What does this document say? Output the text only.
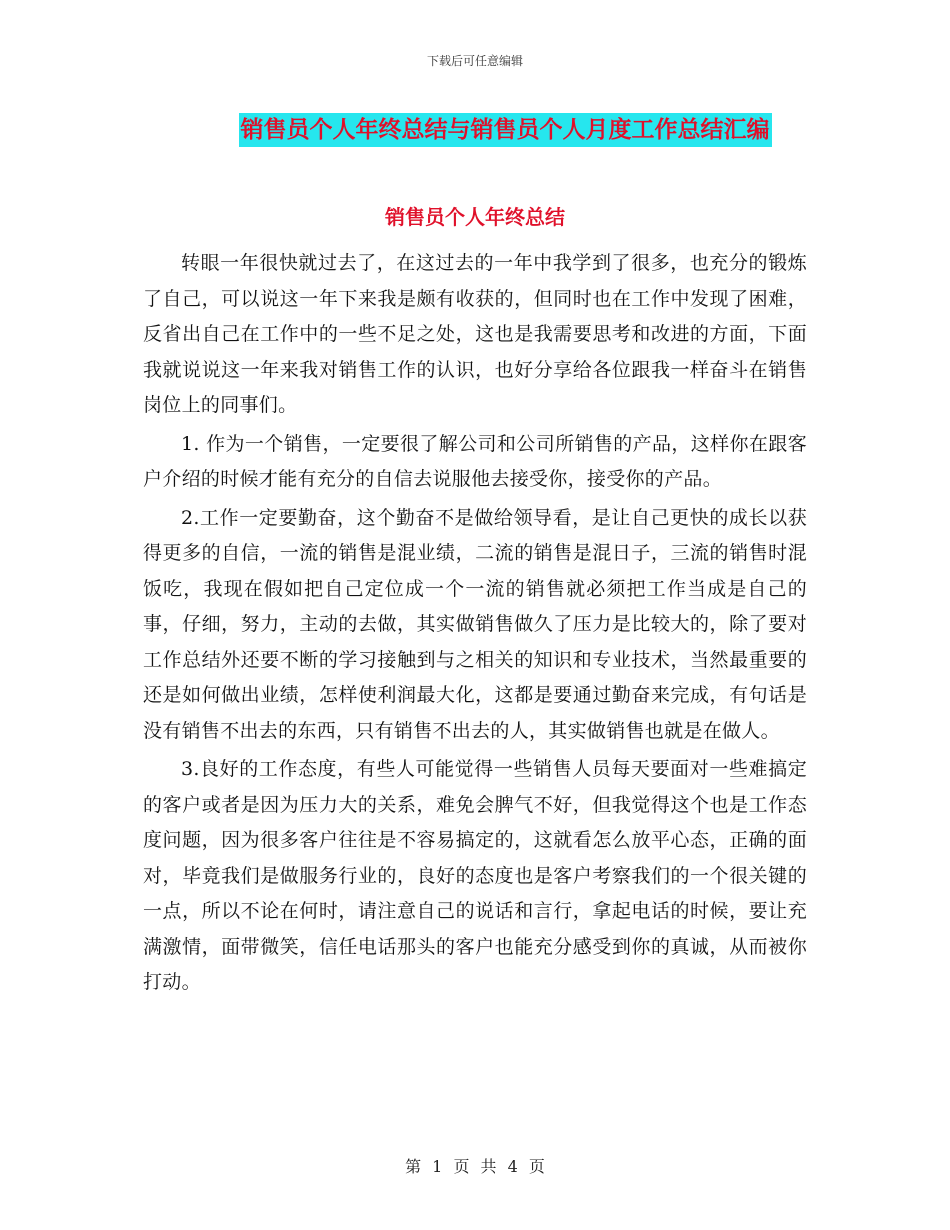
下载后可任意编辑
销售员个人年终总结与销售员个人月度工作总结汇编
销售员个人年终总结

转眼一年很快就过去了，在这过去的一年中我学到了很多，也充分的锻炼了自己，可以说这一年下来我是颇有收获的，但同时也在工作中发现了困难，反省出自己在工作中的一些不足之处，这也是我需要思考和改进的方面，下面我就说说这一年来我对销售工作的认识，也好分享给各位跟我一样奋斗在销售岗位上的同事们。

1. 作为一个销售，一定要很了解公司和公司所销售的产品，这样你在跟客户介绍的时候才能有充分的自信去说服他去接受你，接受你的产品。

2.工作一定要勤奋，这个勤奋不是做给领导看，是让自己更快的成长以获得更多的自信，一流的销售是混业绩，二流的销售是混日子，三流的销售时混饭吃，我现在假如把自己定位成一个一流的销售就必须把工作当成是自己的事，仔细，努力，主动的去做，其实做销售做久了压力是比较大的，除了要对工作总结外还要不断的学习接触到与之相关的知识和专业技术，当然最重要的还是如何做出业绩，怎样使利润最大化，这都是要通过勤奋来完成，有句话是没有销售不出去的东西，只有销售不出去的人，其实做销售也就是在做人。

3.良好的工作态度，有些人可能觉得一些销售人员每天要面对一些难搞定的客户或者是因为压力大的关系，难免会脾气不好，但我觉得这个也是工作态度问题，因为很多客户往往是不容易搞定的，这就看怎么放平心态，正确的面对，毕竟我们是做服务行业的，良好的态度也是客户考察我们的一个很关键的一点，所以不论在何时，请注意自己的说话和言行，拿起电话的时候，要让充满激情，面带微笑，信任电话那头的客户也能充分感受到你的真诚，从而被你打动。

第 1 页 共 4 页
